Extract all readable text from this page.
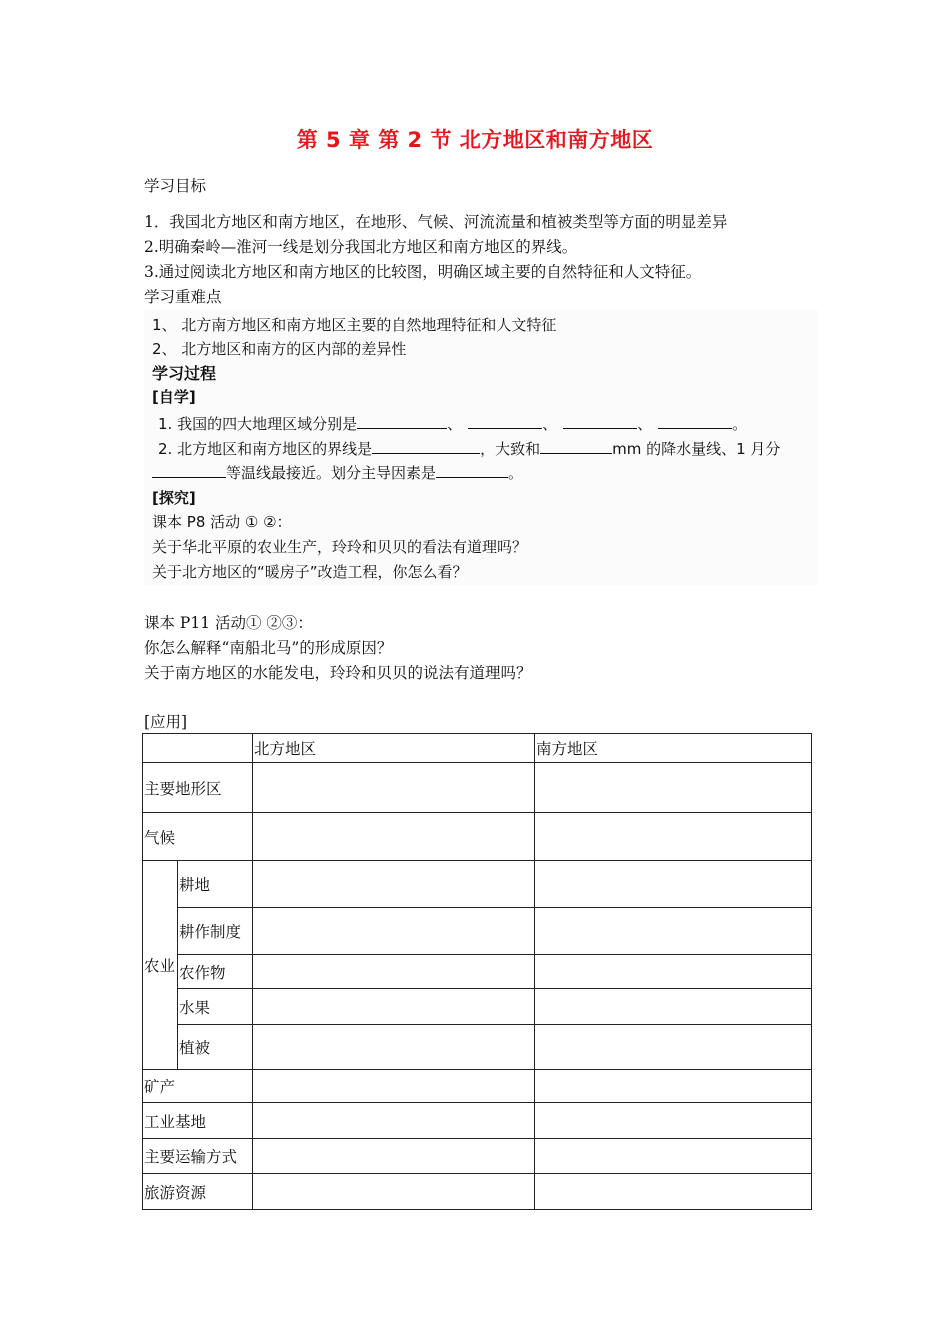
第 5 章 第 2 节 北方地区和南方地区
学习目标
1．我国北方地区和南方地区，在地形、气候、河流流量和植被类型等方面的明显差异
2.明确秦岭—淮河一线是划分我国北方地区和南方地区的界线。
3.通过阅读北方地区和南方地区的比较图，明确区域主要的自然特征和人文特征。
学习重难点
1、 北方南方地区和南方地区主要的自然地理特征和人文特征
2、 北方地区和南方的区内部的差异性
学习过程
[自学]
1. 我国的四大地理区域分别是	、	、	、	。
2. 北方地区和南方地区的界线是	，大致和	mm 的降水量线、1 月分
等温线最接近。划分主导因素是	。
[探究]
课本 P8 活动 ① ②：
关于华北平原的农业生产，玲玲和贝贝的看法有道理吗？
关于北方地区的“暖房子”改造工程，你怎么看？
课本 P11 活动① ②③：
你怎么解释“南船北马”的形成原因？
关于南方地区的水能发电，玲玲和贝贝的说法有道理吗？
[应用]
		北方地区	南方地区
主要地形区			
气候			
农业	耕地		
	耕作制度		
	农作物		
	水果		
	植被		
矿产			
工业基地			
主要运输方式			
旅游资源			
